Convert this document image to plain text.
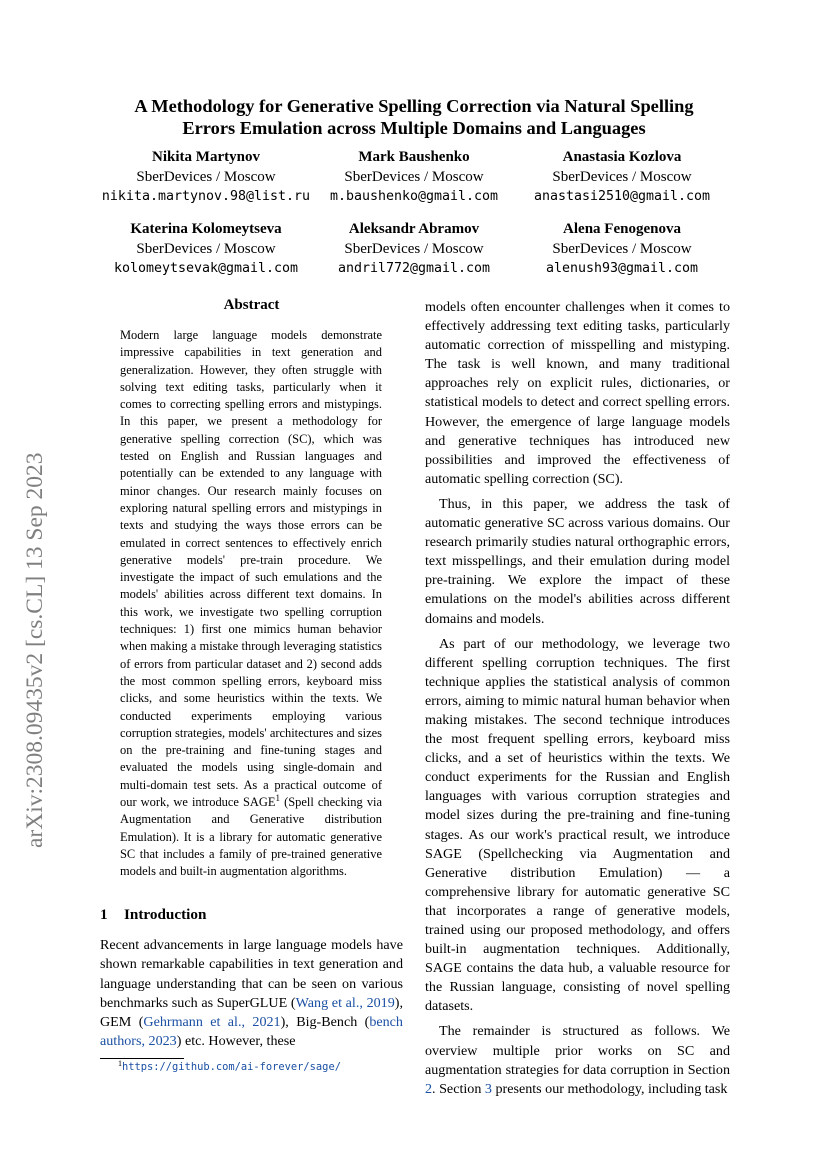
arXiv:2308.09435v2 [cs.CL] 13 Sep 2023
A Methodology for Generative Spelling Correction via Natural Spelling
Errors Emulation across Multiple Domains and Languages
Nikita Martynov
SberDevices / Moscow
nikita.martynov.98@list.ru
Mark Baushenko
SberDevices / Moscow
m.baushenko@gmail.com
Anastasia Kozlova
SberDevices / Moscow
anastasi2510@gmail.com
Katerina Kolomeytseva
SberDevices / Moscow
kolomeytsevak@gmail.com
Aleksandr Abramov
SberDevices / Moscow
andril772@gmail.com
Alena Fenogenova
SberDevices / Moscow
alenush93@gmail.com
Abstract
Modern large language models demonstrate impressive capabilities in text generation and generalization. However, they often struggle with solving text editing tasks, particularly when it comes to correcting spelling errors and mistypings. In this paper, we present a methodology for generative spelling correction (SC), which was tested on English and Russian languages and potentially can be extended to any language with minor changes. Our research mainly focuses on exploring natural spelling errors and mistypings in texts and studying the ways those errors can be emulated in correct sentences to effectively enrich generative models' pre-train procedure. We investigate the impact of such emulations and the models' abilities across different text domains. In this work, we investigate two spelling corruption techniques: 1) first one mimics human behavior when making a mistake through leveraging statistics of errors from particular dataset and 2) second adds the most common spelling errors, keyboard miss clicks, and some heuristics within the texts. We conducted experiments employing various corruption strategies, models' architectures and sizes on the pre-training and fine-tuning stages and evaluated the models using single-domain and multi-domain test sets. As a practical outcome of our work, we introduce SAGE$^1$ (Spell checking via Augmentation and Generative distribution Emulation). It is a library for automatic generative SC that includes a family of pre-trained generative models and built-in augmentation algorithms.
1 Introduction
Recent advancements in large language models have shown remarkable capabilities in text generation and language understanding that can be seen on various benchmarks such as SuperGLUE (Wang et al., 2019), GEM (Gehrmann et al., 2021), Big-Bench (bench authors, 2023) etc. However, these
$^1$https://github.com/ai-forever/sage/

models often encounter challenges when it comes to effectively addressing text editing tasks, particularly automatic correction of misspelling and mistyping. The task is well known, and many traditional approaches rely on explicit rules, dictionaries, or statistical models to detect and correct spelling errors. However, the emergence of large language models and generative techniques has introduced new possibilities and improved the effectiveness of automatic spelling correction (SC).

Thus, in this paper, we address the task of automatic generative SC across various domains. Our research primarily studies natural orthographic errors, text misspellings, and their emulation during model pre-training. We explore the impact of these emulations on the model's abilities across different domains and models.

As part of our methodology, we leverage two different spelling corruption techniques. The first technique applies the statistical analysis of common errors, aiming to mimic natural human behavior when making mistakes. The second technique introduces the most frequent spelling errors, keyboard miss clicks, and a set of heuristics within the texts. We conduct experiments for the Russian and English languages with various corruption strategies and model sizes during the pre-training and fine-tuning stages. As our work's practical result, we introduce SAGE (Spellchecking via Augmentation and Generative distribution Emulation) — a comprehensive library for automatic generative SC that incorporates a range of generative models, trained using our proposed methodology, and offers built-in augmentation techniques. Additionally, SAGE contains the data hub, a valuable resource for the Russian language, consisting of novel spelling datasets.

The remainder is structured as follows. We overview multiple prior works on SC and augmentation strategies for data corruption in Section 2. Section 3 presents our methodology, including task
